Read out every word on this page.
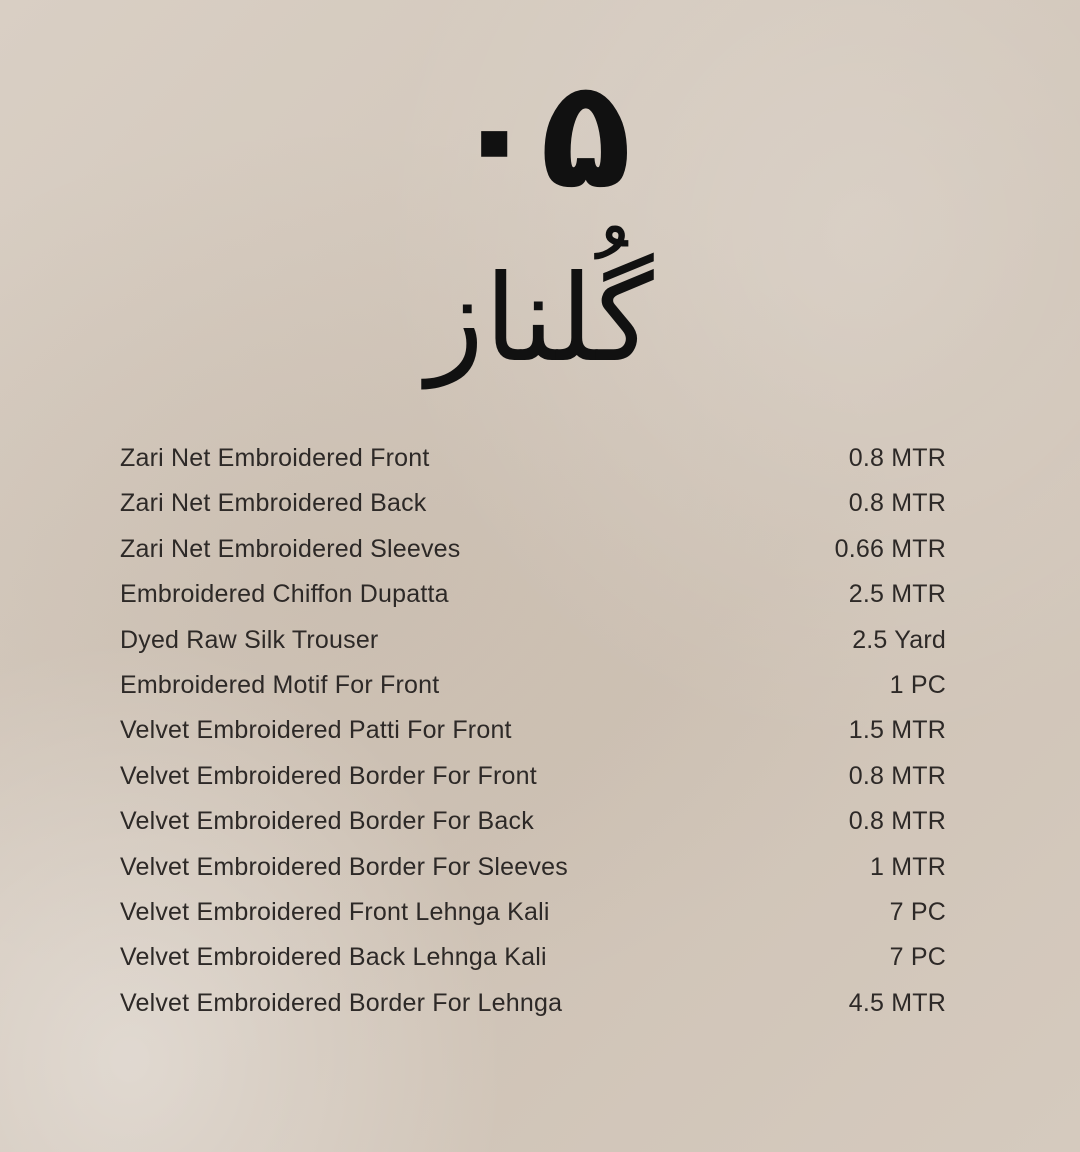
۰۵
گُلناز
Zari Net Embroidered Front	0.8 MTR
Zari Net Embroidered Back	0.8 MTR
Zari Net Embroidered Sleeves	0.66 MTR
Embroidered Chiffon Dupatta	2.5 MTR
Dyed Raw Silk Trouser	2.5 Yard
Embroidered Motif For Front	1 PC
Velvet Embroidered Patti For Front	1.5 MTR
Velvet Embroidered Border For Front	0.8 MTR
Velvet Embroidered Border For Back	0.8 MTR
Velvet Embroidered Border For Sleeves	1 MTR
Velvet Embroidered Front Lehnga Kali	7 PC
Velvet Embroidered Back Lehnga Kali	7 PC
Velvet Embroidered Border For Lehnga	4.5 MTR
